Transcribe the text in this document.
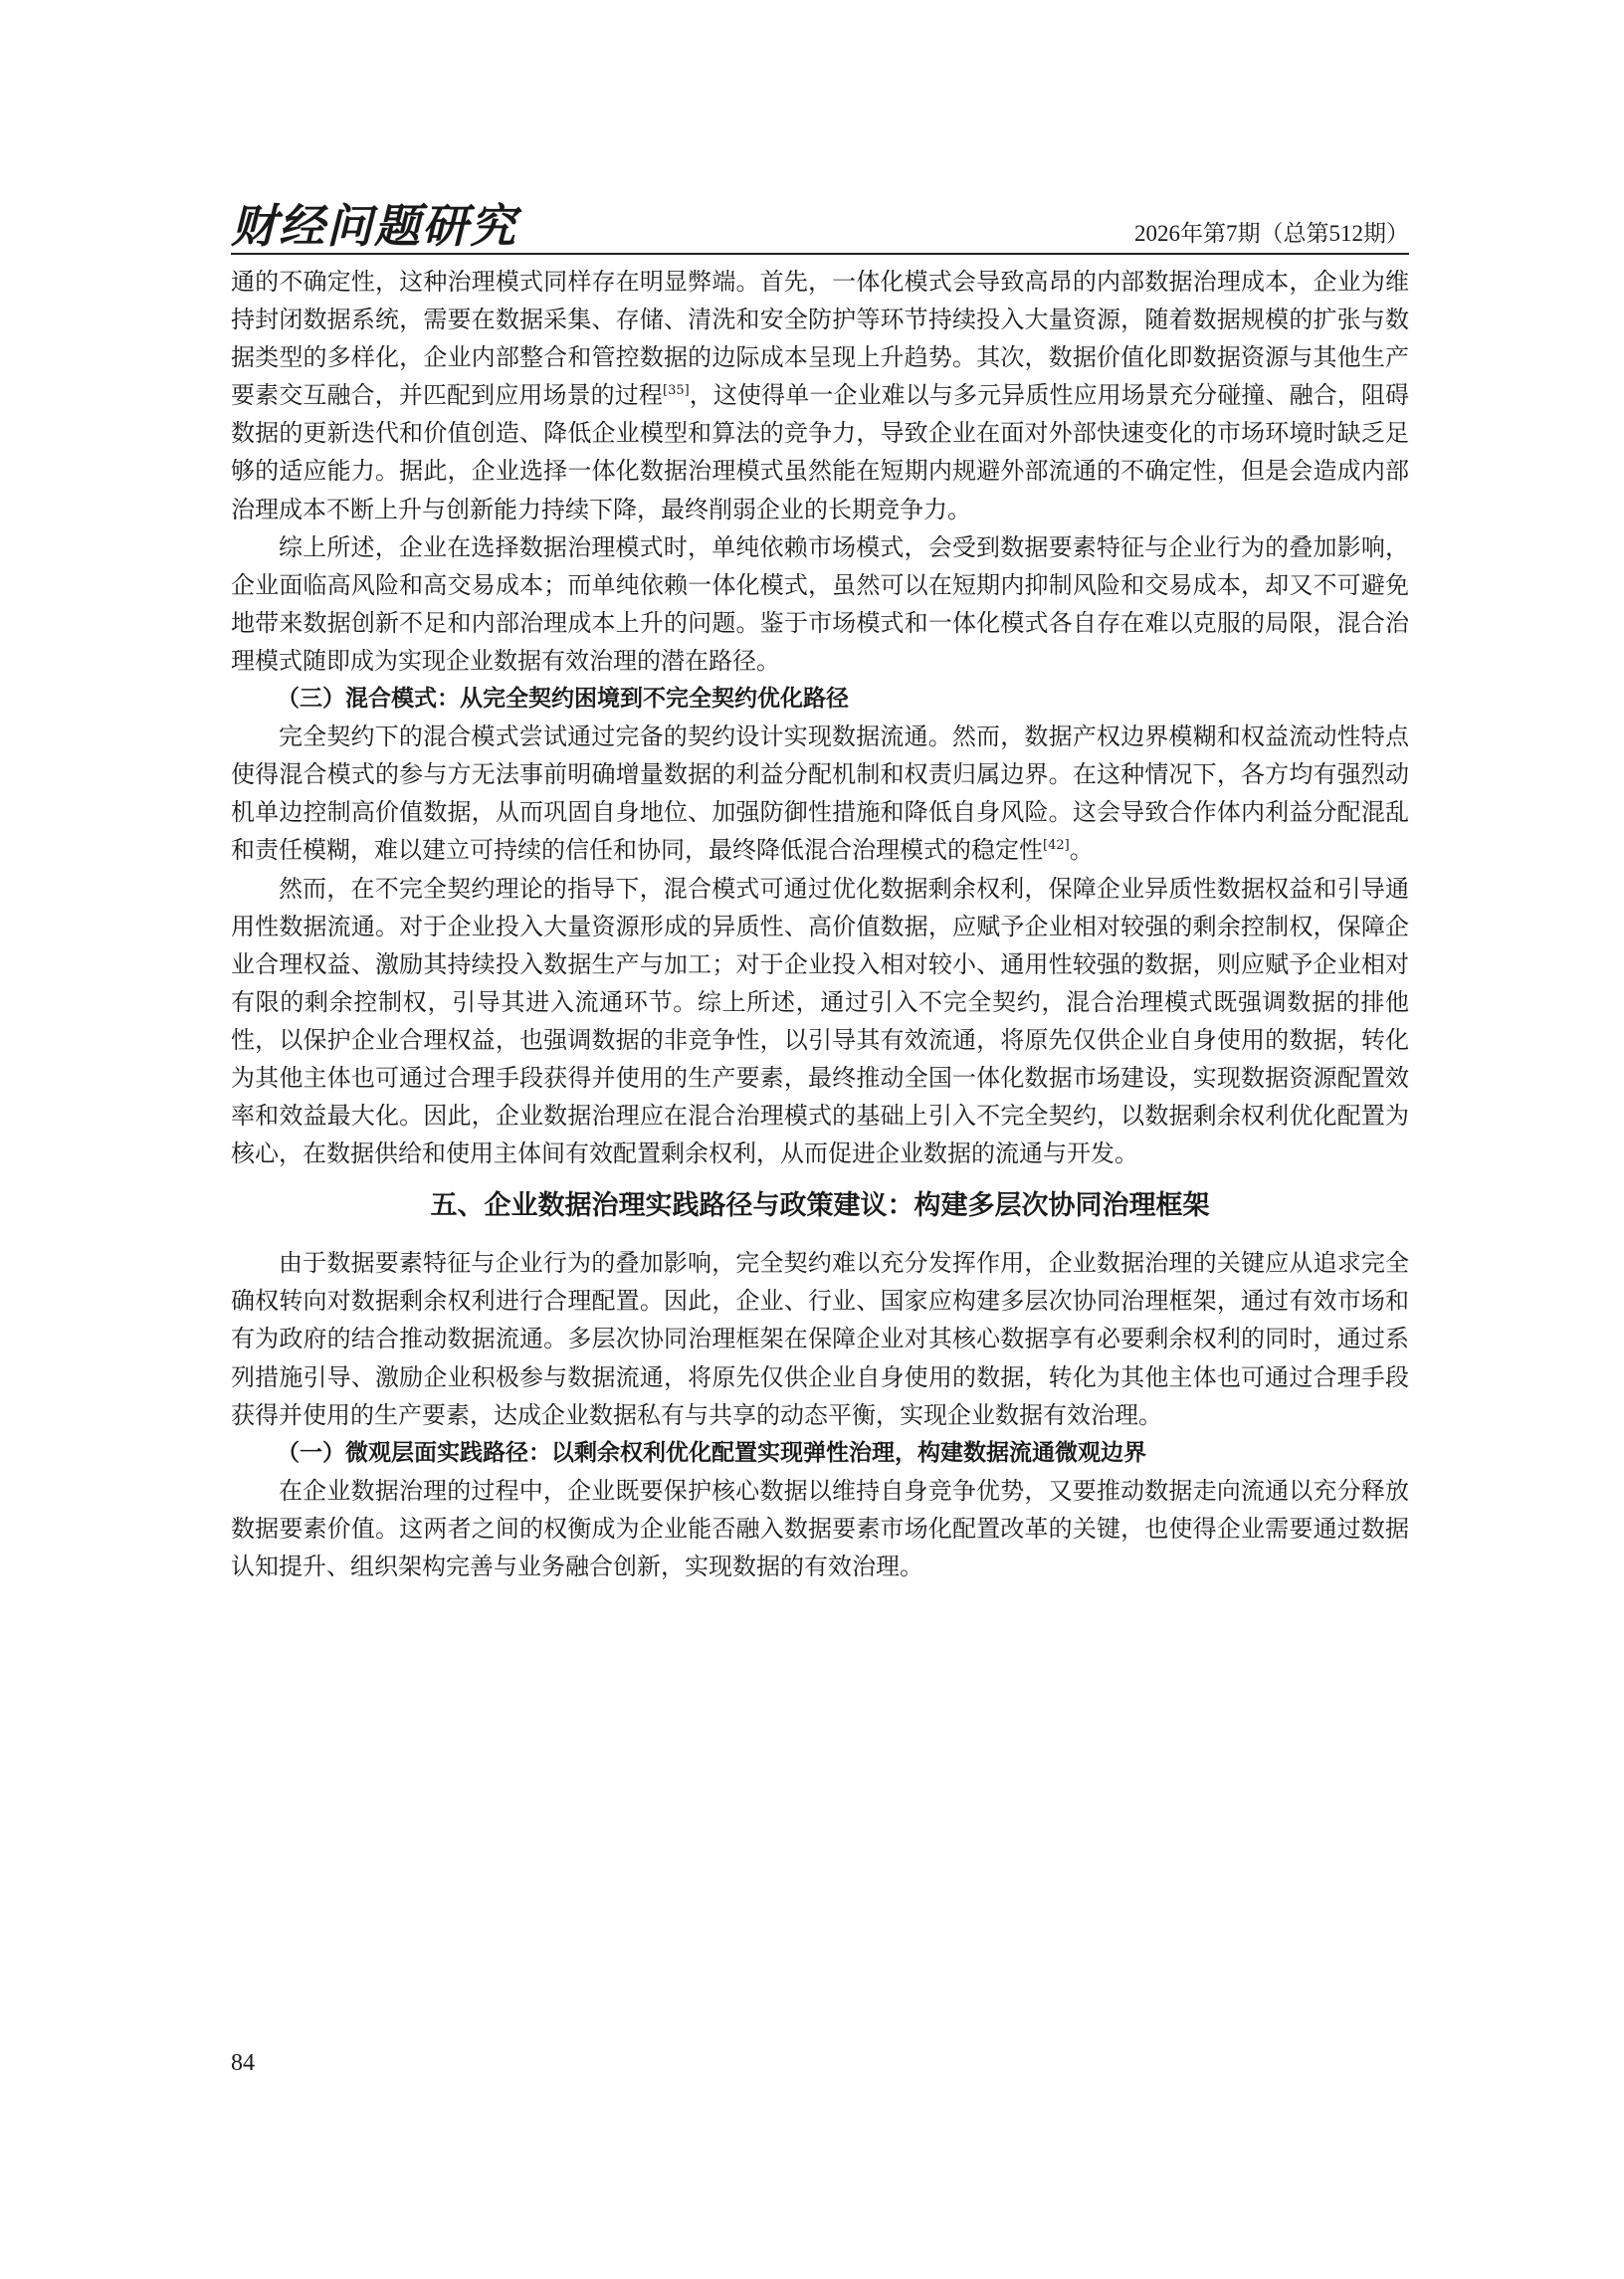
财经问题研究	2026年第7期（总第512期）

通的不确定性，这种治理模式同样存在明显弊端。首先，一体化模式会导致高昂的内部数据治理成本，企业为维持封闭数据系统，需要在数据采集、存储、清洗和安全防护等环节持续投入大量资源，随着数据规模的扩张与数据类型的多样化，企业内部整合和管控数据的边际成本呈现上升趋势。其次，数据价值化即数据资源与其他生产要素交互融合，并匹配到应用场景的过程[35]，这使得单一企业难以与多元异质性应用场景充分碰撞、融合，阻碍数据的更新迭代和价值创造、降低企业模型和算法的竞争力，导致企业在面对外部快速变化的市场环境时缺乏足够的适应能力。据此，企业选择一体化数据治理模式虽然能在短期内规避外部流通的不确定性，但是会造成内部治理成本不断上升与创新能力持续下降，最终削弱企业的长期竞争力。

综上所述，企业在选择数据治理模式时，单纯依赖市场模式，会受到数据要素特征与企业行为的叠加影响，企业面临高风险和高交易成本；而单纯依赖一体化模式，虽然可以在短期内抑制风险和交易成本，却又不可避免地带来数据创新不足和内部治理成本上升的问题。鉴于市场模式和一体化模式各自存在难以克服的局限，混合治理模式随即成为实现企业数据有效治理的潜在路径。

（三）混合模式：从完全契约困境到不完全契约优化路径

完全契约下的混合模式尝试通过完备的契约设计实现数据流通。然而，数据产权边界模糊和权益流动性特点使得混合模式的参与方无法事前明确增量数据的利益分配机制和权责归属边界。在这种情况下，各方均有强烈动机单边控制高价值数据，从而巩固自身地位、加强防御性措施和降低自身风险。这会导致合作体内利益分配混乱和责任模糊，难以建立可持续的信任和协同，最终降低混合治理模式的稳定性[42]。

然而，在不完全契约理论的指导下，混合模式可通过优化数据剩余权利，保障企业异质性数据权益和引导通用性数据流通。对于企业投入大量资源形成的异质性、高价值数据，应赋予企业相对较强的剩余控制权，保障企业合理权益、激励其持续投入数据生产与加工；对于企业投入相对较小、通用性较强的数据，则应赋予企业相对有限的剩余控制权，引导其进入流通环节。综上所述，通过引入不完全契约，混合治理模式既强调数据的排他性，以保护企业合理权益，也强调数据的非竞争性，以引导其有效流通，将原先仅供企业自身使用的数据，转化为其他主体也可通过合理手段获得并使用的生产要素，最终推动全国一体化数据市场建设，实现数据资源配置效率和效益最大化。因此，企业数据治理应在混合治理模式的基础上引入不完全契约，以数据剩余权利优化配置为核心，在数据供给和使用主体间有效配置剩余权利，从而促进企业数据的流通与开发。

五、企业数据治理实践路径与政策建议：构建多层次协同治理框架

由于数据要素特征与企业行为的叠加影响，完全契约难以充分发挥作用，企业数据治理的关键应从追求完全确权转向对数据剩余权利进行合理配置。因此，企业、行业、国家应构建多层次协同治理框架，通过有效市场和有为政府的结合推动数据流通。多层次协同治理框架在保障企业对其核心数据享有必要剩余权利的同时，通过系列措施引导、激励企业积极参与数据流通，将原先仅供企业自身使用的数据，转化为其他主体也可通过合理手段获得并使用的生产要素，达成企业数据私有与共享的动态平衡，实现企业数据有效治理。

（一）微观层面实践路径：以剩余权利优化配置实现弹性治理，构建数据流通微观边界

在企业数据治理的过程中，企业既要保护核心数据以维持自身竞争优势，又要推动数据走向流通以充分释放数据要素价值。这两者之间的权衡成为企业能否融入数据要素市场化配置改革的关键，也使得企业需要通过数据认知提升、组织架构完善与业务融合创新，实现数据的有效治理。

84
